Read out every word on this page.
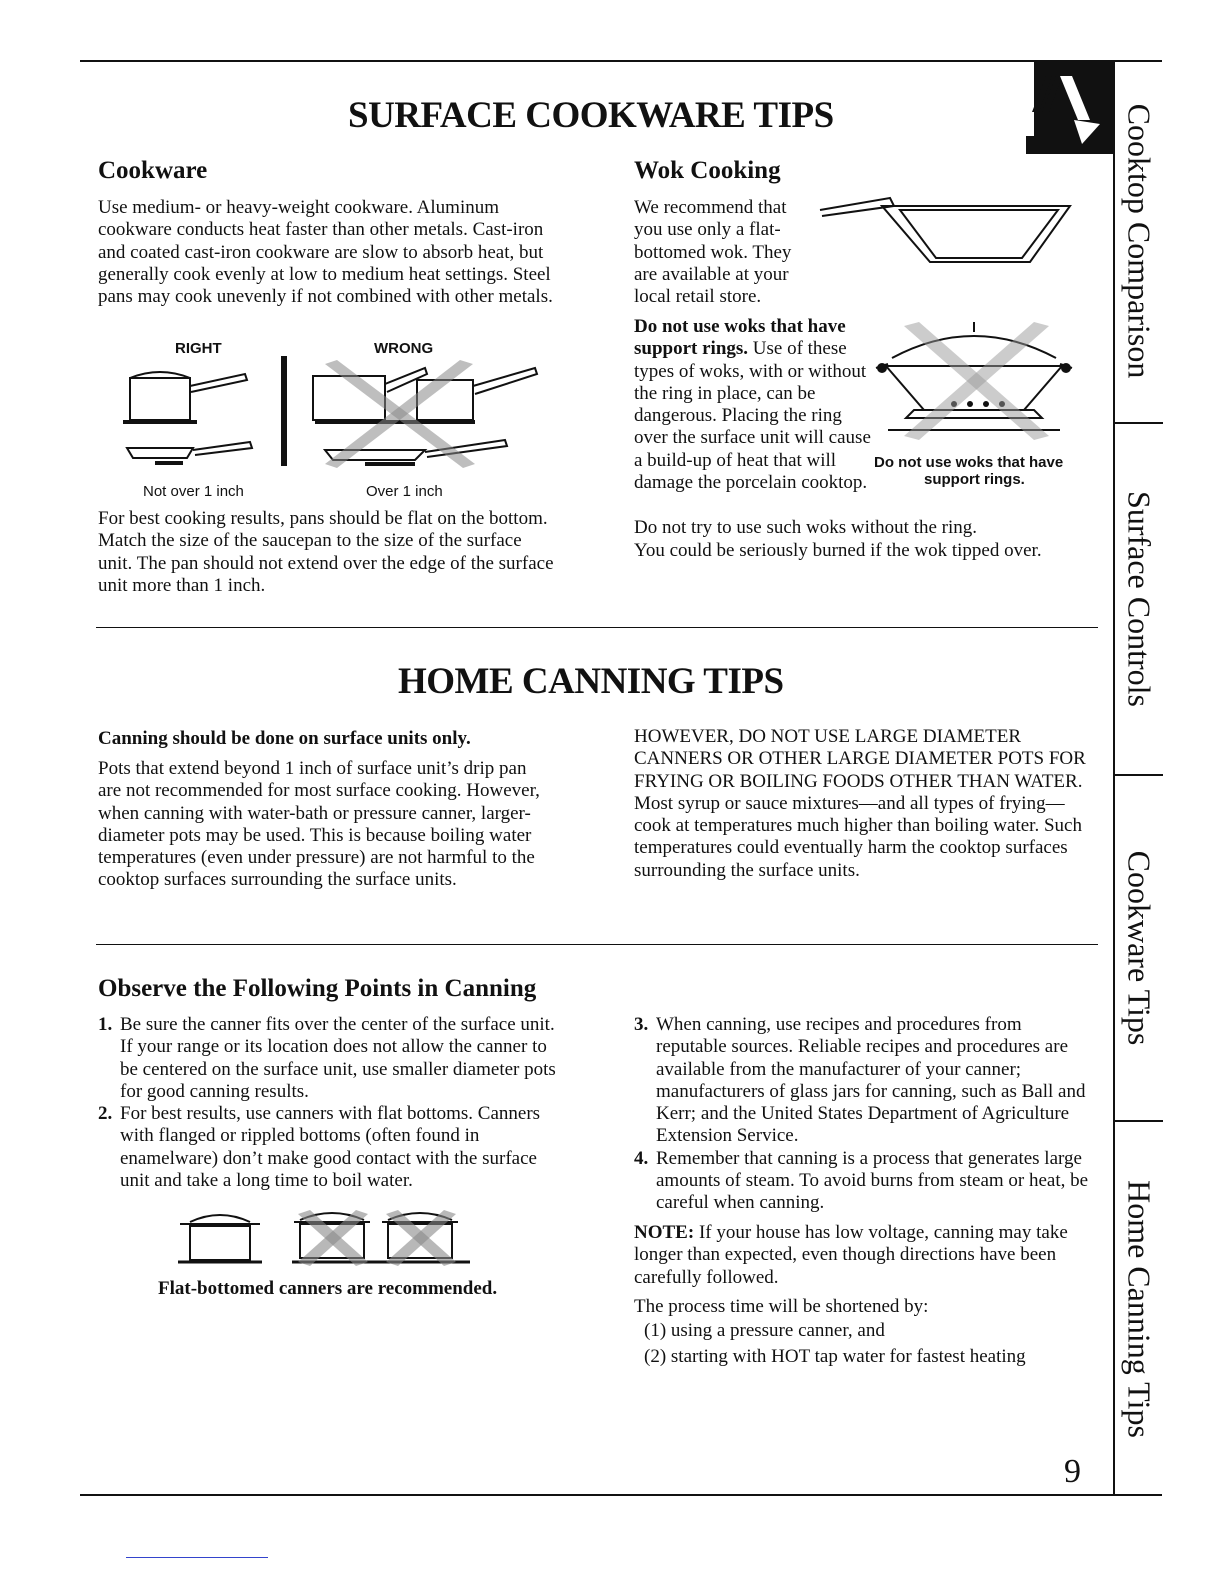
Cooktop Comparison
Surface Controls
Cookware Tips
Home Canning Tips
SURFACE COOKWARE TIPS
Cookware
Use medium- or heavy-weight cookware. Aluminum cookware conducts heat faster than other metals. Cast-iron and coated cast-iron cookware are slow to absorb heat, but generally cook evenly at low to medium heat settings. Steel pans may cook unevenly if not combined with other metals.
RIGHT	WRONG
Not over 1 inch	Over 1 inch
For best cooking results, pans should be flat on the bottom. Match the size of the saucepan to the size of the surface unit. The pan should not extend over the edge of the surface unit more than 1 inch.
Wok Cooking
We recommend that you use only a flat-bottomed wok. They are available at your local retail store.
Do not use woks that have support rings. Use of these types of woks, with or without the ring in place, can be dangerous. Placing the ring over the surface unit will cause a build-up of heat that will damage the porcelain cooktop.
Do not use woks that have
support rings.
Do not try to use such woks without the ring.
You could be seriously burned if the wok tipped over.
HOME CANNING TIPS
Canning should be done on surface units only.
Pots that extend beyond 1 inch of surface unit’s drip pan are not recommended for most surface cooking. However, when canning with water-bath or pressure canner, larger-diameter pots may be used. This is because boiling water temperatures (even under pressure) are not harmful to the cooktop surfaces surrounding the surface units.
HOWEVER, DO NOT USE LARGE DIAMETER CANNERS OR OTHER LARGE DIAMETER POTS FOR FRYING OR BOILING FOODS OTHER THAN WATER. Most syrup or sauce mixtures—and all types of frying—cook at temperatures much higher than boiling water. Such temperatures could eventually harm the cooktop surfaces surrounding the surface units.
Observe the Following Points in Canning
1. Be sure the canner fits over the center of the surface unit. If your range or its location does not allow the canner to be centered on the surface unit, use smaller diameter pots for good canning results.
2. For best results, use canners with flat bottoms. Canners with flanged or rippled bottoms (often found in enamelware) don’t make good contact with the surface unit and take a long time to boil water.
Flat-bottomed canners are recommended.
3. When canning, use recipes and procedures from reputable sources. Reliable recipes and procedures are available from the manufacturer of your canner; manufacturers of glass jars for canning, such as Ball and Kerr; and the United States Department of Agriculture Extension Service.
4. Remember that canning is a process that generates large amounts of steam. To avoid burns from steam or heat, be careful when canning.
NOTE: If your house has low voltage, canning may take longer than expected, even though directions have been carefully followed.
The process time will be shortened by:
(1) using a pressure canner, and
(2) starting with HOT tap water for fastest heating
9
